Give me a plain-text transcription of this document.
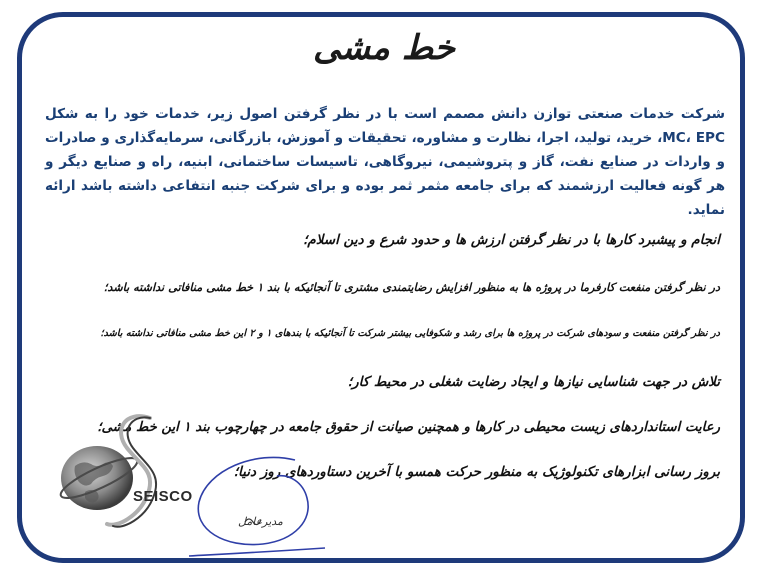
خط مشی
شرکت خدمات صنعتی توازن دانش مصمم است با در نظر گرفتن اصول زیر، خدمات خود را به شکل MC، EPC، خرید، تولید، اجرا، نظارت و مشاوره، تحقیقات و آموزش، بازرگانی، سرمایه‌گذاری و صادرات و واردات در صنایع نفت، گاز و پتروشیمی، نیروگاهی، تاسیسات ساختمانی، ابنیه، راه و صنایع دیگر و هر گونه فعالیت ارزشمند که برای جامعه مثمر ثمر بوده و برای شرکت جنبه انتفاعی داشته باشد ارائه نماید.
انجام و پیشبرد کارها با در نظر گرفتن ارزش ها و حدود شرع و دین اسلام؛
در نظر گرفتن منفعت کارفرما در پروژه ها به منظور افزایش رضایتمندی مشتری تا آنجائیکه با بند ۱ خط مشی منافاتی نداشته باشد؛
در نظر گرفتن منفعت و سودهای شرکت در پروژه ها برای رشد و شکوفایی بیشتر شرکت تا آنجائیکه با بندهای ۱ و ۲ این خط مشی منافاتی نداشته باشد؛
تلاش در جهت شناسایی نیازها و ایجاد رضایت شغلی در محیط کار؛
رعایت استانداردهای زیست محیطی در کارها و همچنین صیانت از حقوق جامعه در چهارچوب بند ۱ این خط مشی؛
بروز رسانی ابزارهای تکنولوژیک به منظور حرکت همسو با آخرین دستاوردهای روز دنیا؛
SEISCO
مدیرعامل
